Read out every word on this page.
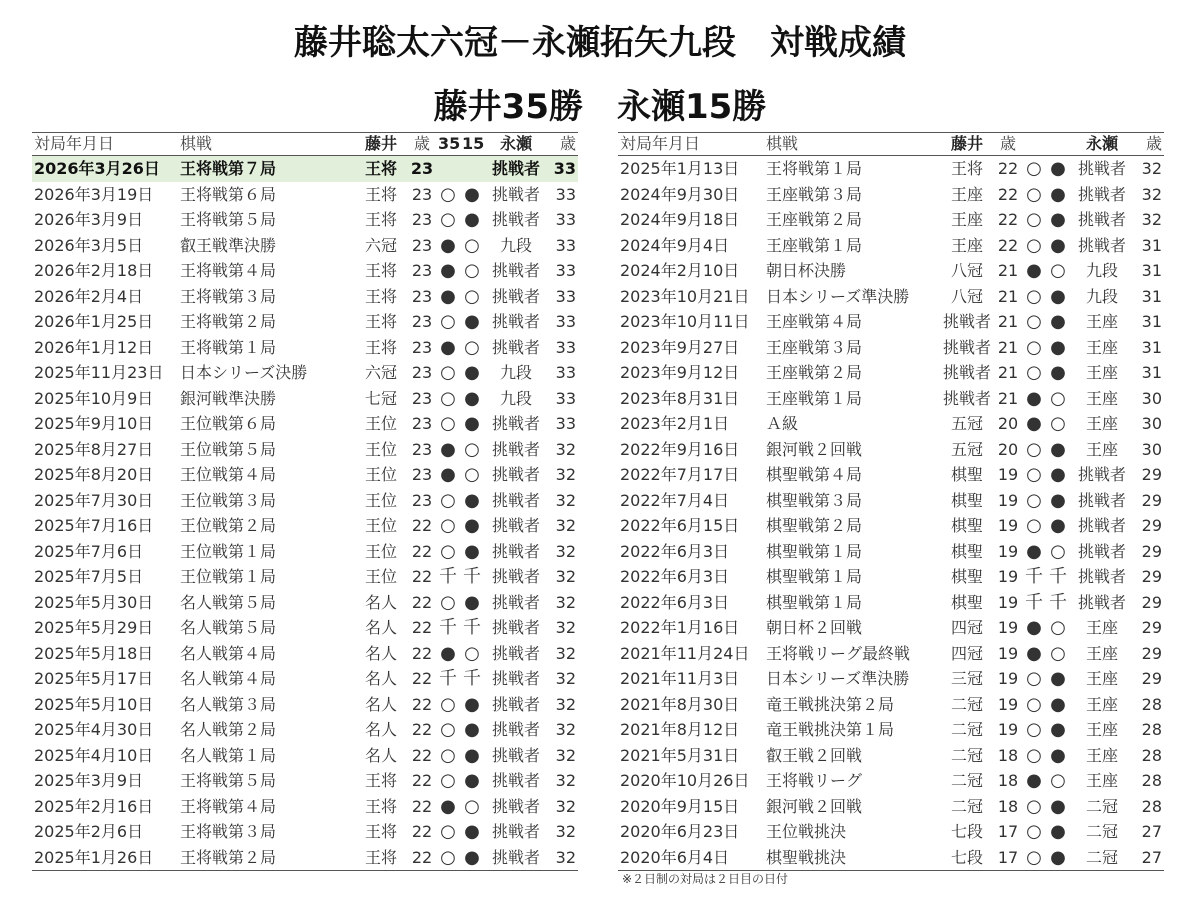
藤井聡太六冠－永瀬拓矢九段　対戦成績
藤井35勝　永瀬15勝
対局年月日	棋戦	藤井	歳	35	15	永瀬	歳
2026年3月26日	王将戦第７局	王将	23			挑戦者	33
2026年3月19日	王将戦第６局	王将	23	○	●	挑戦者	33
2026年3月9日	王将戦第５局	王将	23	○	●	挑戦者	33
2026年3月5日	叡王戦準決勝	六冠	23	●	○	九段	33
2026年2月18日	王将戦第４局	王将	23	●	○	挑戦者	33
2026年2月4日	王将戦第３局	王将	23	●	○	挑戦者	33
2026年1月25日	王将戦第２局	王将	23	○	●	挑戦者	33
2026年1月12日	王将戦第１局	王将	23	●	○	挑戦者	33
2025年11月23日	日本シリーズ決勝	六冠	23	○	●	九段	33
2025年10月9日	銀河戦準決勝	七冠	23	○	●	九段	33
2025年9月10日	王位戦第６局	王位	23	○	●	挑戦者	33
2025年8月27日	王位戦第５局	王位	23	●	○	挑戦者	32
2025年8月20日	王位戦第４局	王位	23	●	○	挑戦者	32
2025年7月30日	王位戦第３局	王位	23	○	●	挑戦者	32
2025年7月16日	王位戦第２局	王位	22	○	●	挑戦者	32
2025年7月6日	王位戦第１局	王位	22	○	●	挑戦者	32
2025年7月5日	王位戦第１局	王位	22	千	千	挑戦者	32
2025年5月30日	名人戦第５局	名人	22	○	●	挑戦者	32
2025年5月29日	名人戦第５局	名人	22	千	千	挑戦者	32
2025年5月18日	名人戦第４局	名人	22	●	○	挑戦者	32
2025年5月17日	名人戦第４局	名人	22	千	千	挑戦者	32
2025年5月10日	名人戦第３局	名人	22	○	●	挑戦者	32
2025年4月30日	名人戦第２局	名人	22	○	●	挑戦者	32
2025年4月10日	名人戦第１局	名人	22	○	●	挑戦者	32
2025年3月9日	王将戦第５局	王将	22	○	●	挑戦者	32
2025年2月16日	王将戦第４局	王将	22	●	○	挑戦者	32
2025年2月6日	王将戦第３局	王将	22	○	●	挑戦者	32
2025年1月26日	王将戦第２局	王将	22	○	●	挑戦者	32
対局年月日	棋戦	藤井	歳			永瀬	歳
2025年1月13日	王将戦第１局	王将	22	○	●	挑戦者	32
2024年9月30日	王座戦第３局	王座	22	○	●	挑戦者	32
2024年9月18日	王座戦第２局	王座	22	○	●	挑戦者	32
2024年9月4日	王座戦第１局	王座	22	○	●	挑戦者	31
2024年2月10日	朝日杯決勝	八冠	21	●	○	九段	31
2023年10月21日	日本シリーズ準決勝	八冠	21	○	●	九段	31
2023年10月11日	王座戦第４局	挑戦者	21	○	●	王座	31
2023年9月27日	王座戦第３局	挑戦者	21	○	●	王座	31
2023年9月12日	王座戦第２局	挑戦者	21	○	●	王座	31
2023年8月31日	王座戦第１局	挑戦者	21	●	○	王座	30
2023年2月1日	Ａ級	五冠	20	●	○	王座	30
2022年9月16日	銀河戦２回戦	五冠	20	○	●	王座	30
2022年7月17日	棋聖戦第４局	棋聖	19	○	●	挑戦者	29
2022年7月4日	棋聖戦第３局	棋聖	19	○	●	挑戦者	29
2022年6月15日	棋聖戦第２局	棋聖	19	○	●	挑戦者	29
2022年6月3日	棋聖戦第１局	棋聖	19	●	○	挑戦者	29
2022年6月3日	棋聖戦第１局	棋聖	19	千	千	挑戦者	29
2022年6月3日	棋聖戦第１局	棋聖	19	千	千	挑戦者	29
2022年1月16日	朝日杯２回戦	四冠	19	●	○	王座	29
2021年11月24日	王将戦リーグ最終戦	四冠	19	●	○	王座	29
2021年11月3日	日本シリーズ準決勝	三冠	19	○	●	王座	29
2021年8月30日	竜王戦挑決第２局	二冠	19	○	●	王座	28
2021年8月12日	竜王戦挑決第１局	二冠	19	○	●	王座	28
2021年5月31日	叡王戦２回戦	二冠	18	○	●	王座	28
2020年10月26日	王将戦リーグ	二冠	18	●	○	王座	28
2020年9月15日	銀河戦２回戦	二冠	18	○	●	二冠	28
2020年6月23日	王位戦挑決	七段	17	○	●	二冠	27
2020年6月4日	棋聖戦挑決	七段	17	○	●	二冠	27
※２日制の対局は２日目の日付
